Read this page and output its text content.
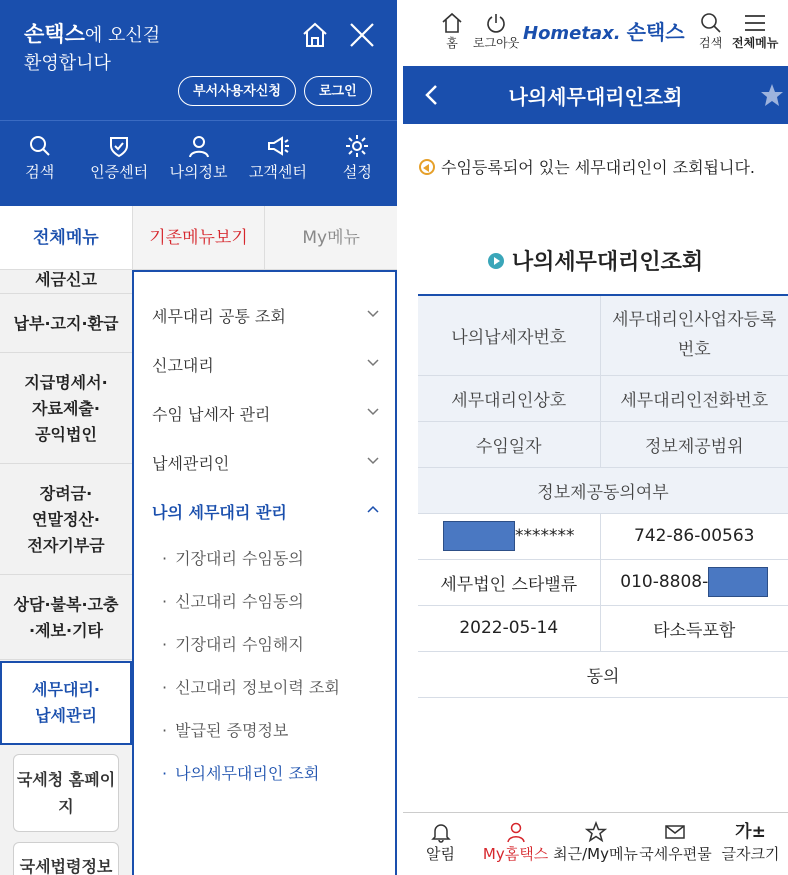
손택스에 오신걸
환영합니다
부서사용자신청	로그인
검색	인증센터	나의정보	고객센터	설정
전체메뉴	기존메뉴보기	My메뉴
세금신고
납부·고지·환급
지급명세서·
자료제출·
공익법인
장려금·
연말정산·
전자기부금
상담·불복·고충
·제보·기타
세무대리·
납세관리
국세청 홈페이
지
국세법령정보
세무대리 공통 조회
신고대리
수임 납세자 관리
납세관리인
나의 세무대리 관리
· 기장대리 수임동의
· 신고대리 수임동의
· 기장대리 수임해지
· 신고대리 정보이력 조회
· 발급된 증명정보
· 나의세무대리인 조회
홈	로그아웃 Hometax. 손택스 검색 전체메뉴
나의세무대리인조회
수임등록되어 있는 세무대리인이 조회됩니다.
나의세무대리인조회
나의납세자번호	세무대리인사업자등록
번호
세무대리인상호	세무대리인전화번호
수임일자	정보제공범위
정보제공동의여부	
*******	742-86-00563
세무법인 스타밸류	010-8808-
2022-05-14	타소득포함
동의	
알림	My홈택스 최근/My메뉴 국세우편물
가±
글자크기
